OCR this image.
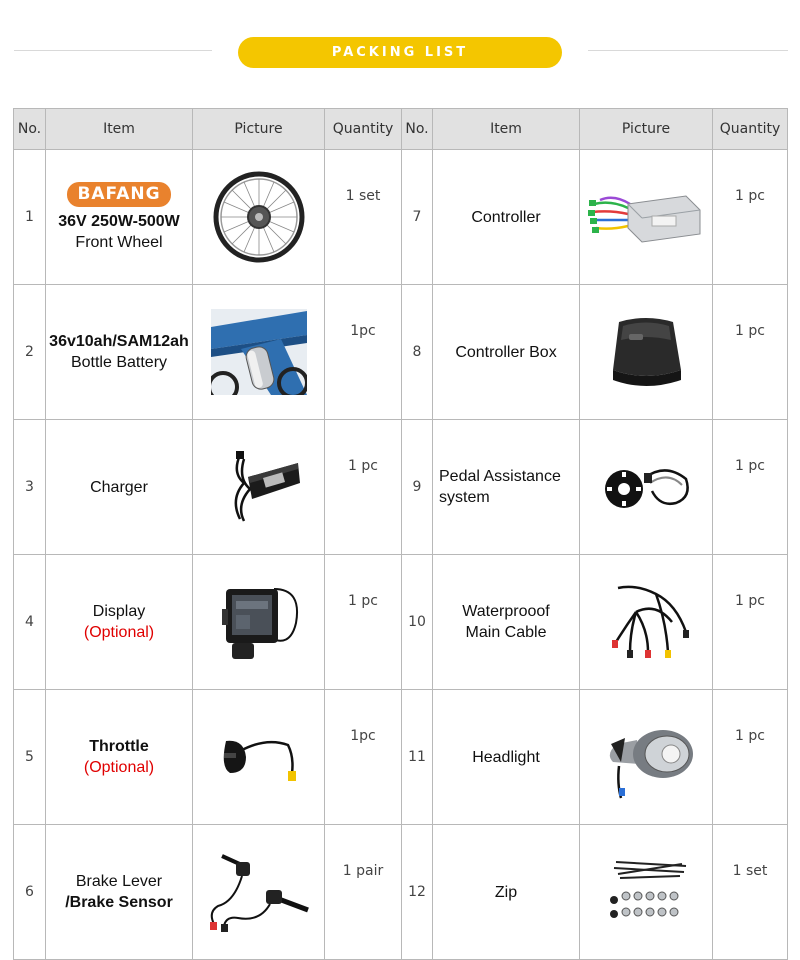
PACKING LIST
No.	Item	Picture	Quantity	No.	Item	Picture	Quantity
1	BAFANG
36V 250W-500W
Front Wheel		1 set	7	Controller		1 pc
2	36v10ah/SAM12ah
Bottle Battery		1pc	8	Controller Box		1 pc
3	Charger		1 pc	9	Pedal Assistance
system		1 pc
4	Display
(Optional)		1 pc	10	Waterprooof
Main Cable		1 pc
5	Throttle
(Optional)		1pc	11	Headlight		1 pc
6	Brake Lever
/Brake Sensor		1 pair	12	Zip		1 set
